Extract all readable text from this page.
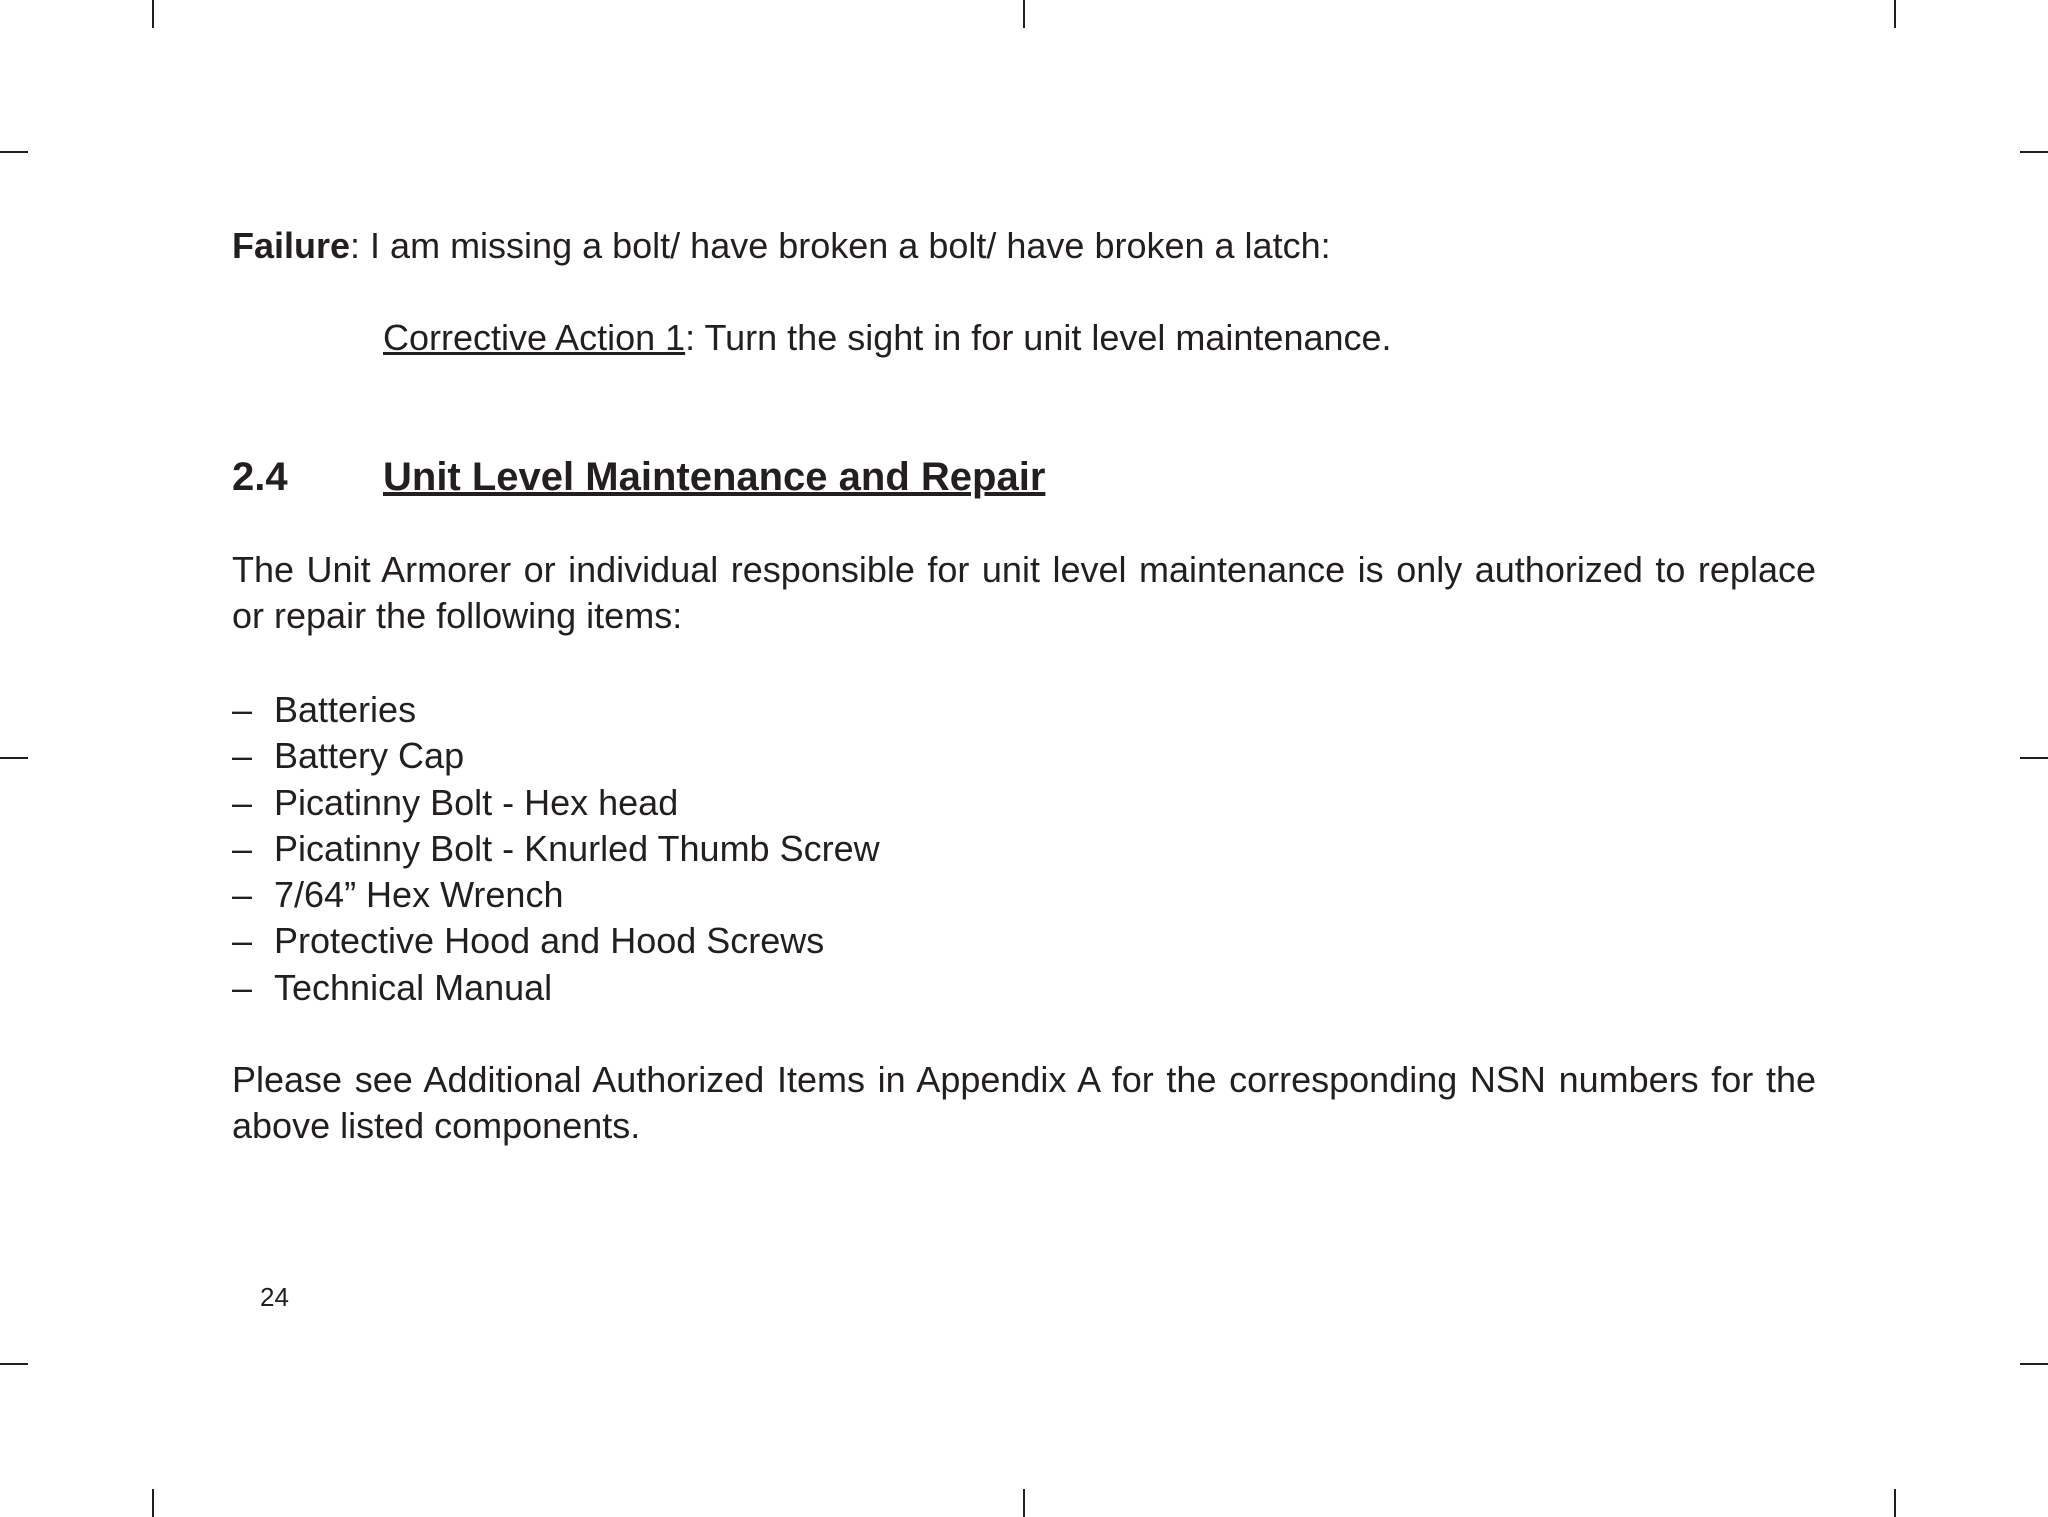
Failure: I am missing a bolt/ have broken a bolt/ have broken a latch:

Corrective Action 1: Turn the sight in for unit level maintenance.

2.4 Unit Level Maintenance and Repair

The Unit Armorer or individual responsible for unit level maintenance is only authorized to replace or repair the following items:

– Batteries
– Battery Cap
– Picatinny Bolt - Hex head
– Picatinny Bolt - Knurled Thumb Screw
– 7/64” Hex Wrench
– Protective Hood and Hood Screws
– Technical Manual

Please see Additional Authorized Items in Appendix A for the corresponding NSN numbers for the above listed components.

24
